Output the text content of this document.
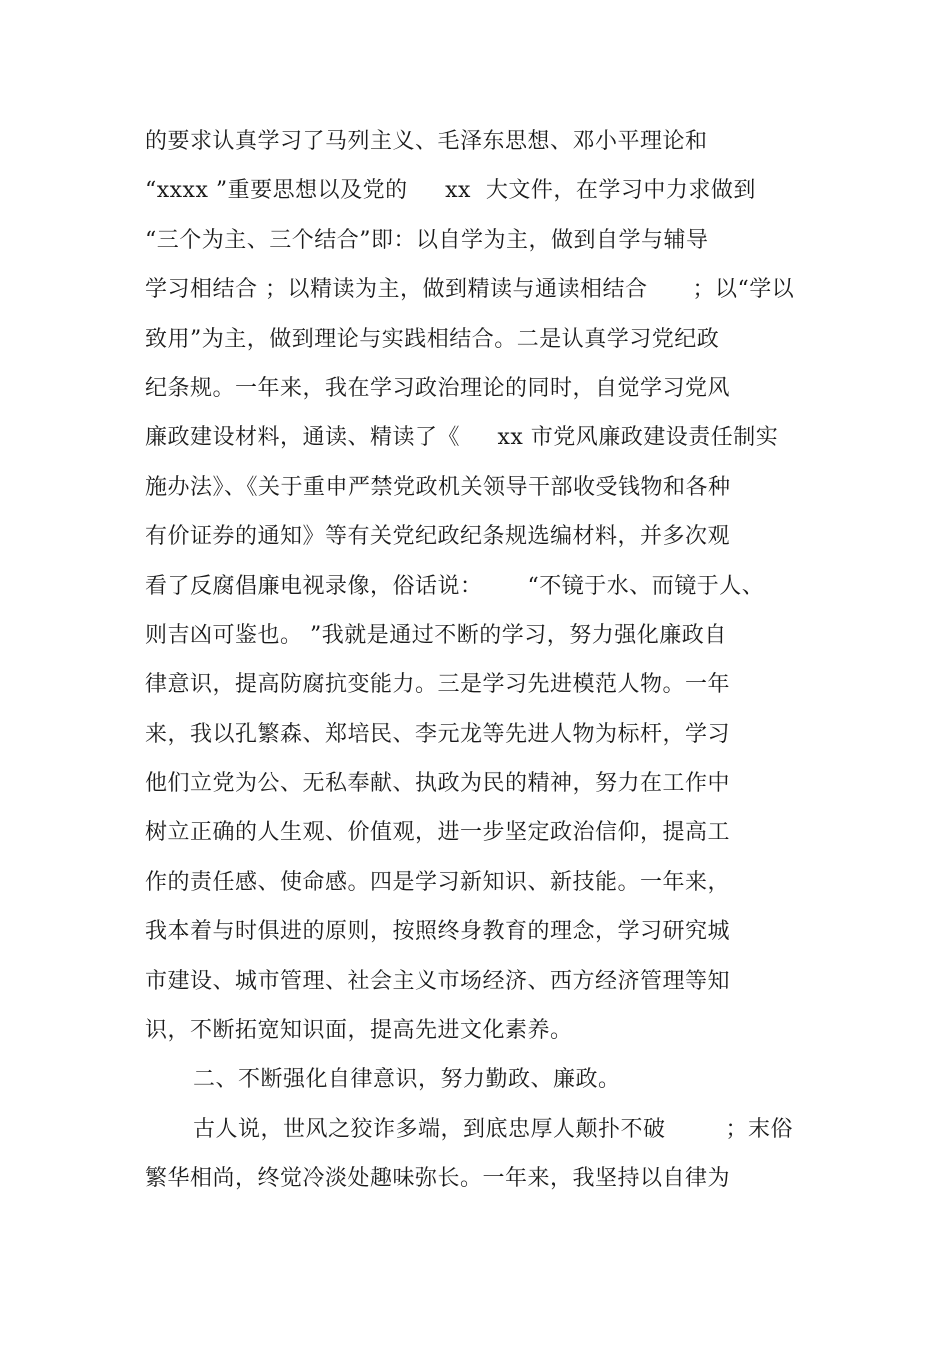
的要求认真学习了马列主义、毛泽东思想、邓小平理论和
“xxxx ”重要思想以及党的     xx  大文件，在学习中力求做到
“三个为主、三个结合”即：以自学为主，做到自学与辅导
学习相结合 ；以精读为主，做到精读与通读相结合      ；以“学以
致用”为主，做到理论与实践相结合。二是认真学习党纪政
纪条规。一年来，我在学习政治理论的同时，自觉学习党风
廉政建设材料，通读、精读了《     xx 市党风廉政建设责任制实
施办法》、《关于重申严禁党政机关领导干部收受钱物和各种
有价证券的通知》等有关党纪政纪条规选编材料，并多次观
看了反腐倡廉电视录像，俗话说：      “不镜于水、而镜于人、
则吉凶可鉴也。 ”我就是通过不断的学习，努力强化廉政自
律意识，提高防腐抗变能力。三是学习先进模范人物。一年
来，我以孔繁森、郑培民、李元龙等先进人物为标杆，学习
他们立党为公、无私奉献、执政为民的精神，努力在工作中
树立正确的人生观、价值观，进一步坚定政治信仰，提高工
作的责任感、使命感。四是学习新知识、新技能。一年来，
我本着与时俱进的原则，按照终身教育的理念，学习研究城
市建设、城市管理、社会主义市场经济、西方经济管理等知
识，不断拓宽知识面，提高先进文化素养。
二、不断强化自律意识，努力勤政、廉政。
古人说，世风之狡诈多端，到底忠厚人颠扑不破        ；末俗
繁华相尚，终觉冷淡处趣味弥长。一年来，我坚持以自律为
